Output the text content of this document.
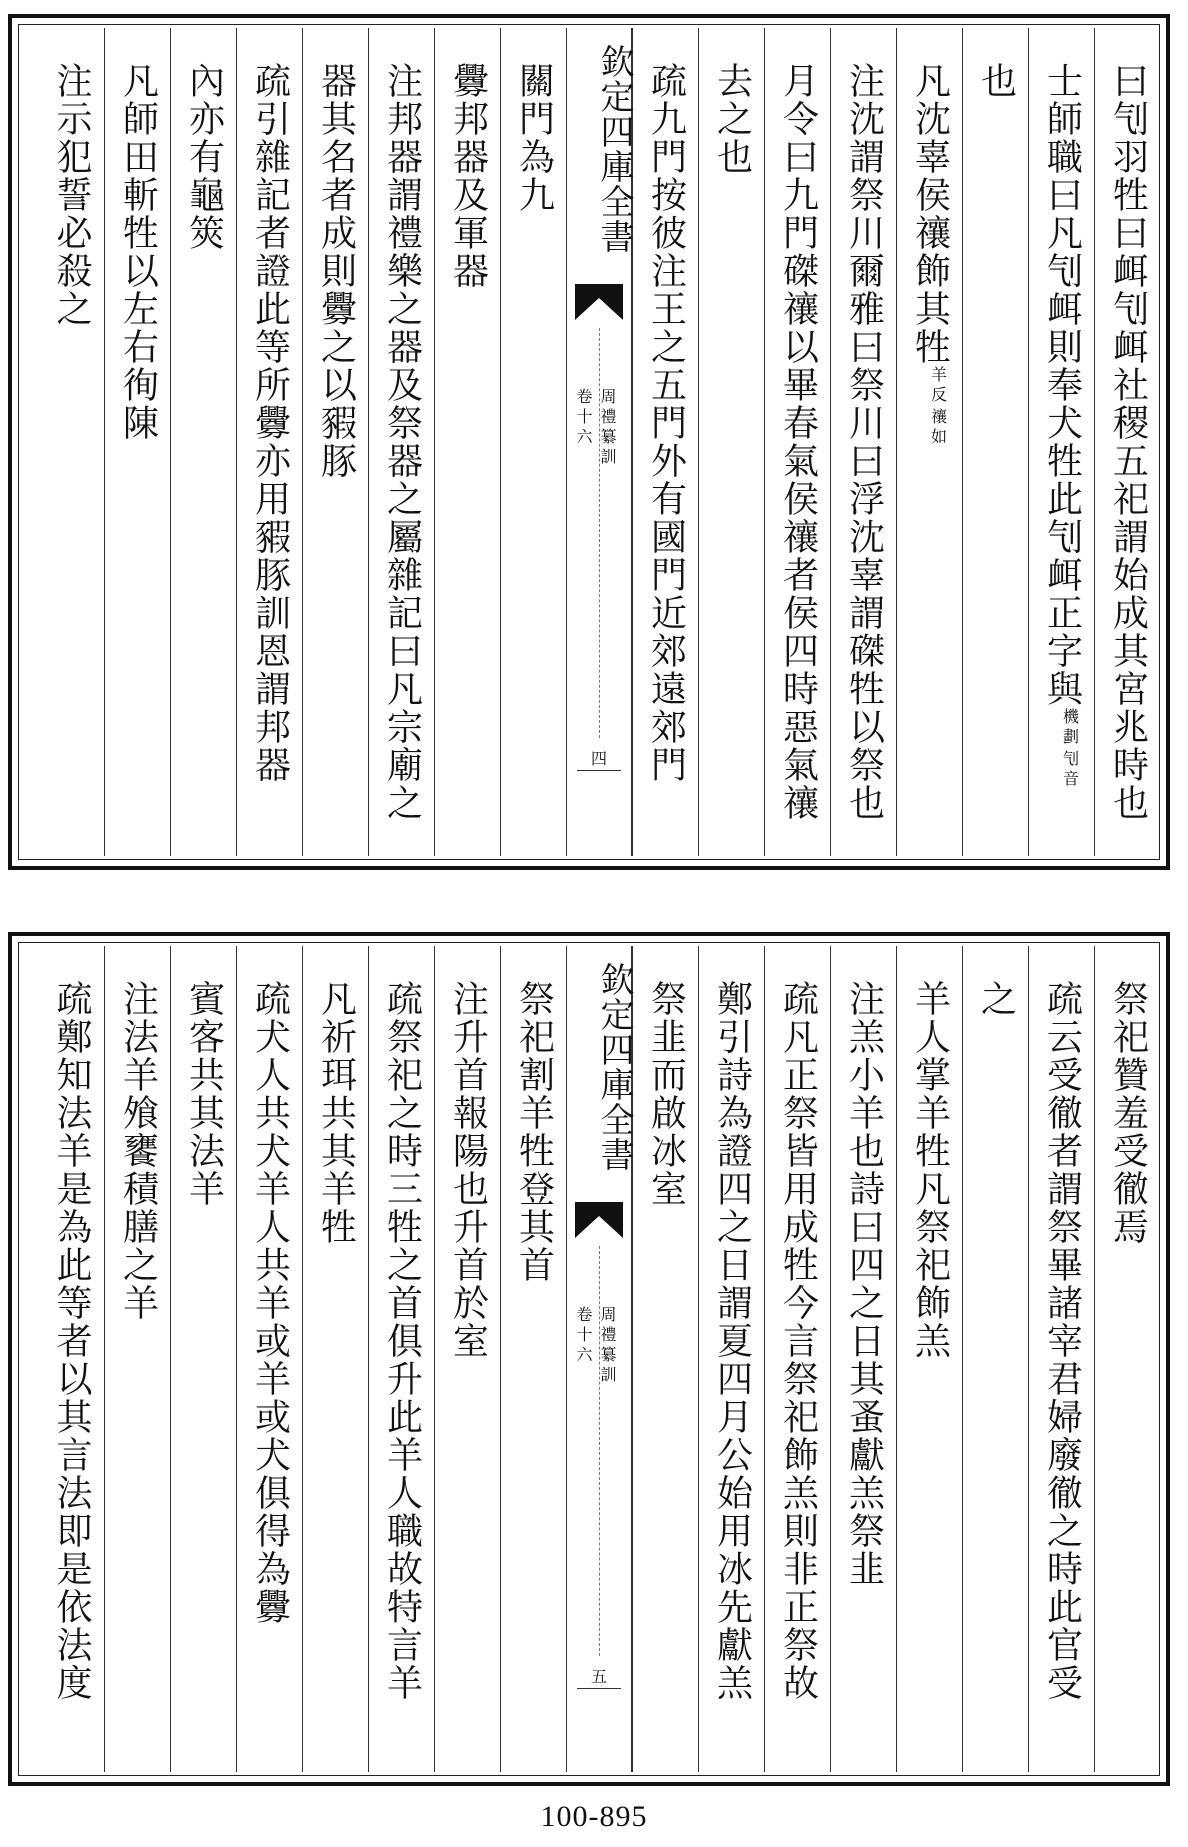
曰刏羽牲曰衈刏衈社稷五祀謂始成其宮兆時也
士師職曰凡刏衈則奉犬牲此刏衈正字與
刏音
機劃
也
凡沈辜侯禳飾其牲
禳如
羊反
注沈謂祭川爾雅曰祭川曰浮沈辜謂磔牲以祭也
月令曰九門磔禳以畢春氣侯禳者侯四時惡氣禳
去之也
疏九門按彼注王之五門外有國門近郊遠郊門
欽定四庫全書
周禮纂訓
卷十六
四
關門為九
釁邦器及軍器
注邦器謂禮樂之器及祭器之屬雜記曰凡宗廟之
器其名者成則釁之以豭豚
疏引雜記者證此等所釁亦用豭豚訓恩謂邦器
內亦有龜筴
凡師田斬牲以左右徇陳
注示犯誓必殺之
祭祀贊羞受徹焉
疏云受徹者謂祭畢諸宰君婦廢徹之時此官受
之
羊人掌羊牲凡祭祀飾羔
注羔小羊也詩曰四之日其蚤獻羔祭韭
疏凡正祭皆用成牲今言祭祀飾羔則非正祭故
鄭引詩為證四之日謂夏四月公始用冰先獻羔
祭韭而啟冰室
欽定四庫全書
周禮纂訓
卷十六
五
祭祀割羊牲登其首
注升首報陽也升首於室
疏祭祀之時三牲之首俱升此羊人職故特言羊
凡祈珥共其羊牲
疏犬人共犬羊人共羊或羊或犬俱得為釁
賓客共其法羊
注法羊飧饔積膳之羊
疏鄭知法羊是為此等者以其言法即是依法度
100-895
